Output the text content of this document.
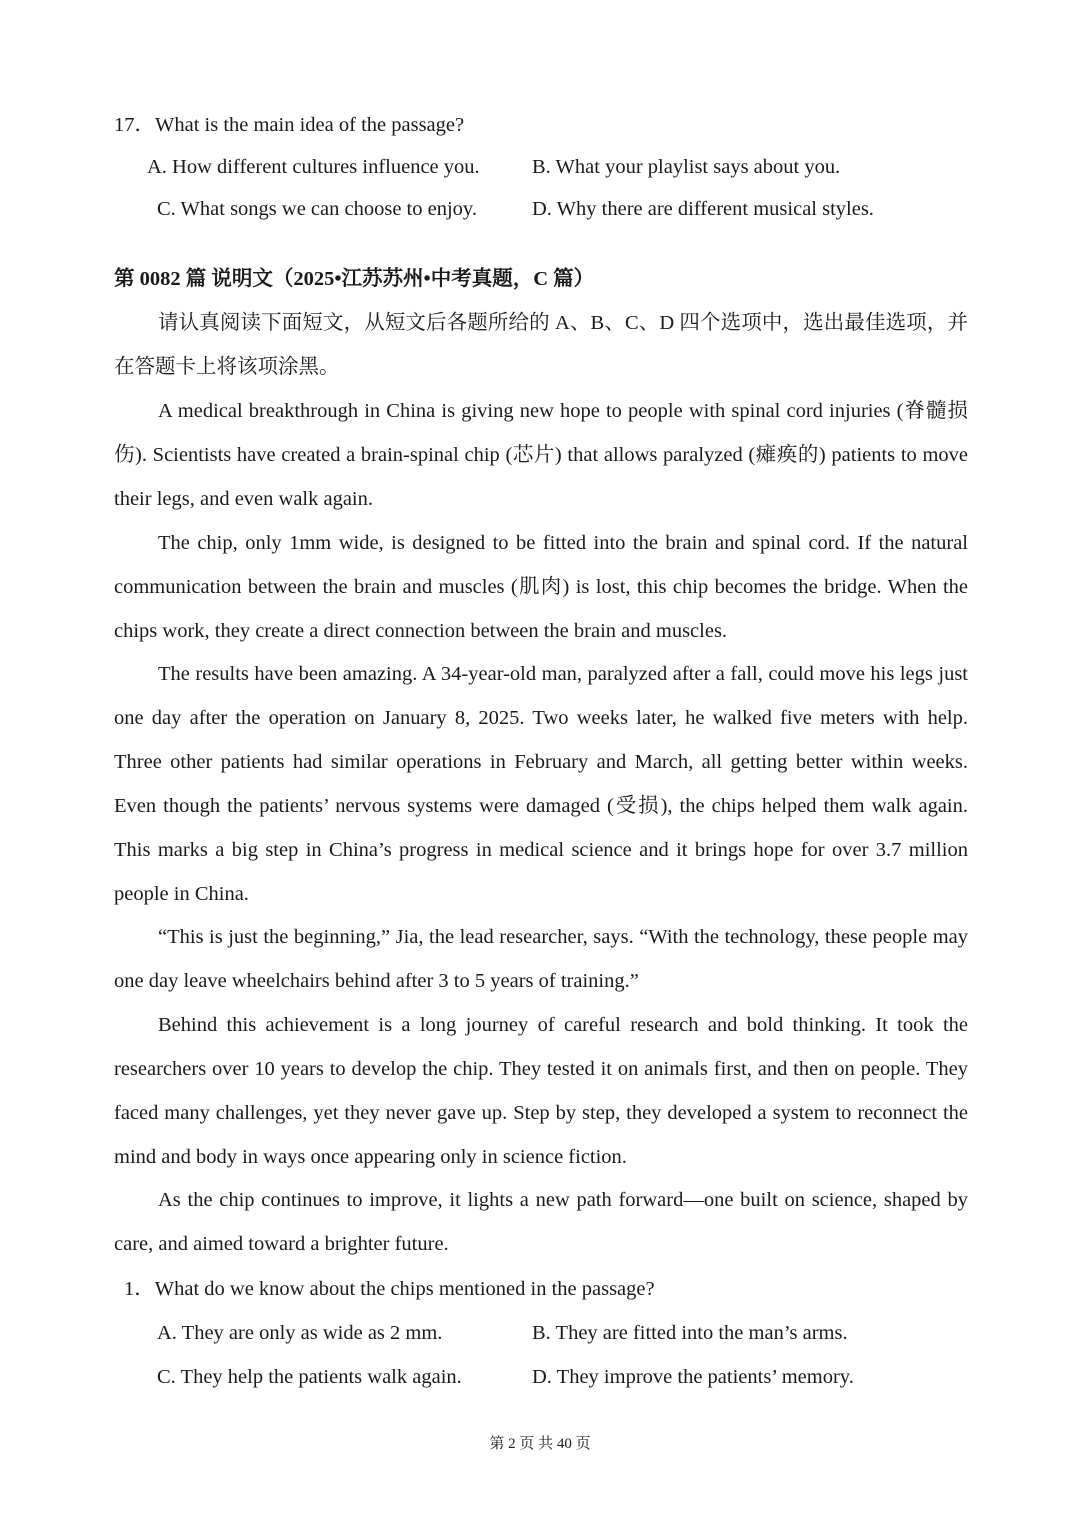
17．What is the main idea of the passage?
A. How different cultures influence you.	B. What your playlist says about you.
C. What songs we can choose to enjoy.	D. Why there are different musical styles.
第 0082 篇 说明文（2025•江苏苏州•中考真题，C 篇）
请认真阅读下面短文，从短文后各题所给的 A、B、C、D 四个选项中，选出最佳选项，并在答题卡上将该项涂黑。
A medical breakthrough in China is giving new hope to people with spinal cord injuries (脊髓损伤). Scientists have created a brain-spinal chip (芯片) that allows paralyzed (瘫痪的) patients to move their legs, and even walk again.
The chip, only 1mm wide, is designed to be fitted into the brain and spinal cord. If the natural communication between the brain and muscles (肌肉) is lost, this chip becomes the bridge. When the chips work, they create a direct connection between the brain and muscles.
The results have been amazing. A 34-year-old man, paralyzed after a fall, could move his legs just one day after the operation on January 8, 2025. Two weeks later, he walked five meters with help. Three other patients had similar operations in February and March, all getting better within weeks. Even though the patients’ nervous systems were damaged (受损), the chips helped them walk again. This marks a big step in China’s progress in medical science and it brings hope for over 3.7 million people in China.
“This is just the beginning,” Jia, the lead researcher, says. “With the technology, these people may one day leave wheelchairs behind after 3 to 5 years of training.”
Behind this achievement is a long journey of careful research and bold thinking. It took the researchers over 10 years to develop the chip. They tested it on animals first, and then on people. They faced many challenges, yet they never gave up. Step by step, they developed a system to reconnect the mind and body in ways once appearing only in science fiction.
As the chip continues to improve, it lights a new path forward—one built on science, shaped by care, and aimed toward a brighter future.
1．What do we know about the chips mentioned in the passage?
A. They are only as wide as 2 mm.	B. They are fitted into the man’s arms.
C. They help the patients walk again.	D. They improve the patients’ memory.
第 2 页 共 40 页
